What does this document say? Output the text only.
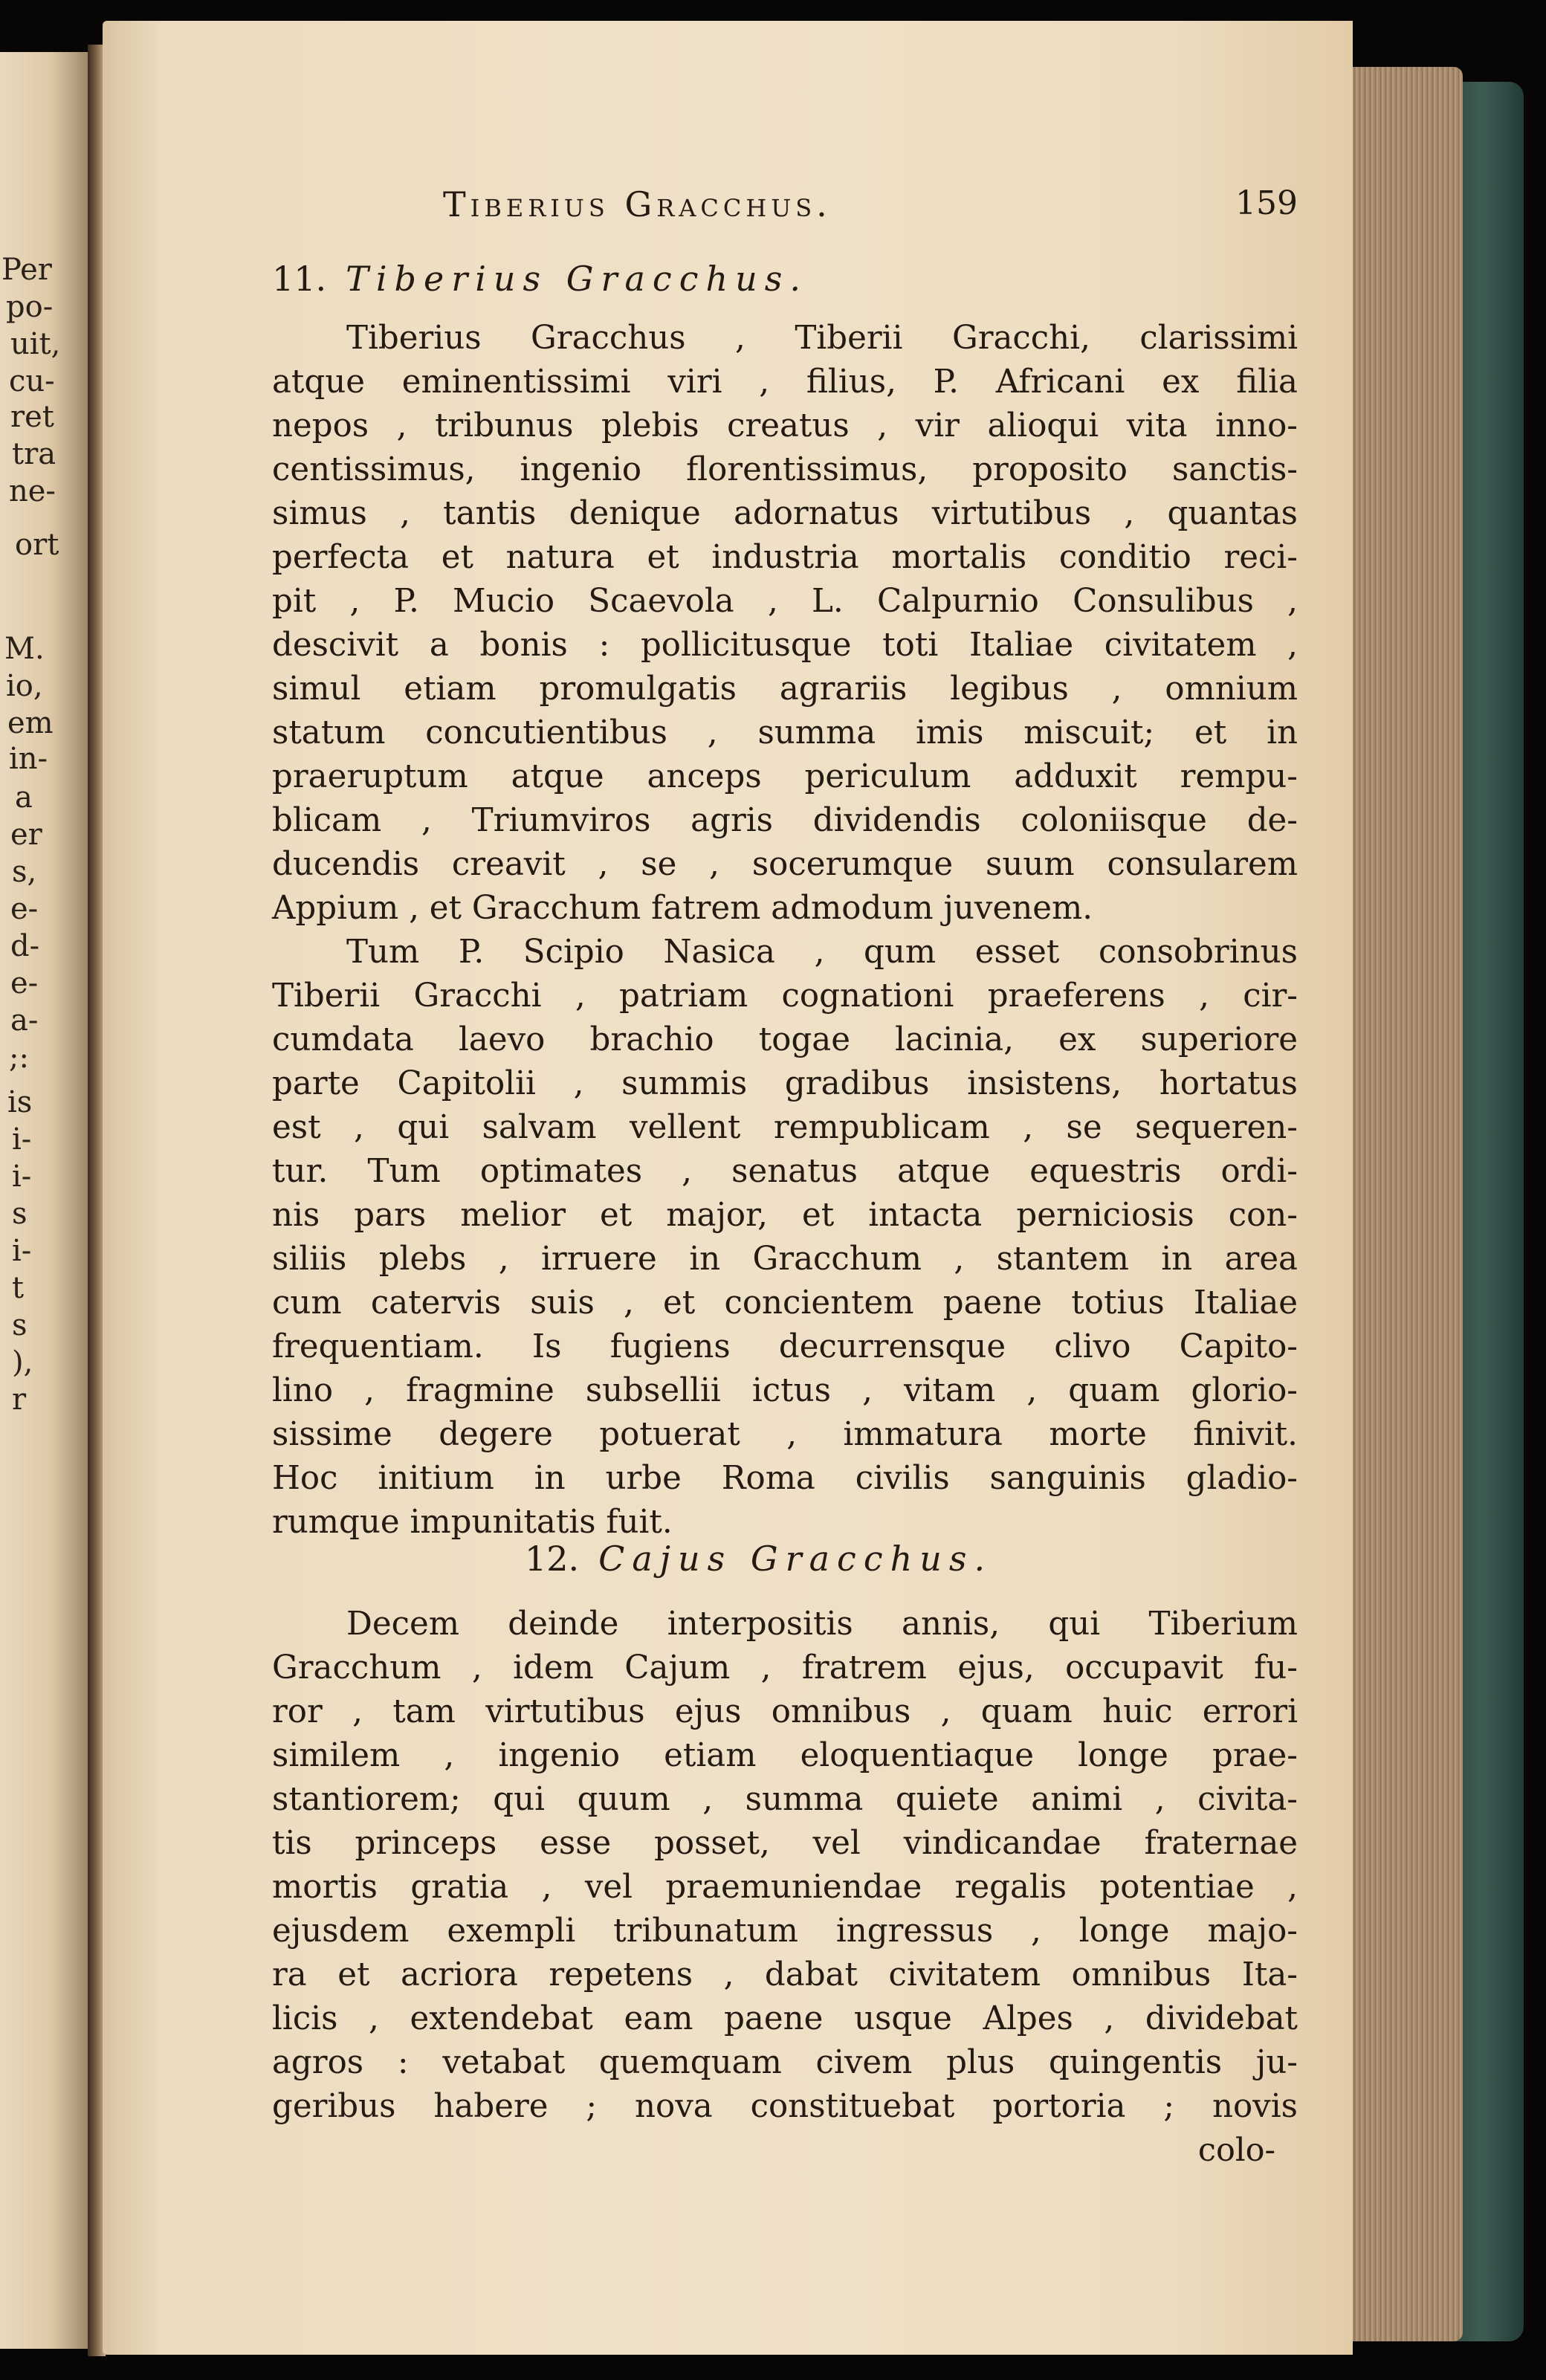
Per
po-
uit,
cu-
ret
tra
ne-
ort
M.
io,
em
in-
a
er
s,
e-
d-
e-
a-
;:
is
i-
i-
s
i-
t
s
),
r
Tiberius Gracchus.	159
11. Tiberius Gracchus.
Tiberius Gracchus , Tiberii Gracchi, clarissimi
atque eminentissimi viri , filius, P. Africani ex filia
nepos , tribunus plebis creatus , vir alioqui vita inno-
centissimus, ingenio florentissimus, proposito sanctis-
simus , tantis denique adornatus virtutibus , quantas
perfecta et natura et industria mortalis conditio reci-
pit , P. Mucio Scaevola , L. Calpurnio Consulibus ,
descivit a bonis : pollicitusque toti Italiae civitatem ,
simul etiam promulgatis agrariis legibus , omnium
statum concutientibus , summa imis miscuit; et in
praeruptum atque anceps periculum adduxit rempu-
blicam , Triumviros agris dividendis coloniisque de-
ducendis creavit , se , socerumque suum consularem
Appium , et Gracchum fatrem admodum juvenem.
Tum P. Scipio Nasica , qum esset consobrinus
Tiberii Gracchi , patriam cognationi praeferens , cir-
cumdata laevo brachio togae lacinia, ex superiore
parte Capitolii , summis gradibus insistens, hortatus
est , qui salvam vellent rempublicam , se sequeren-
tur. Tum optimates , senatus atque equestris ordi-
nis pars melior et major, et intacta perniciosis con-
siliis plebs , irruere in Gracchum , stantem in area
cum catervis suis , et concientem paene totius Italiae
frequentiam. Is fugiens decurrensque clivo Capito-
lino , fragmine subsellii ictus , vitam , quam glorio-
sissime degere potuerat , immatura morte finivit.
Hoc initium in urbe Roma civilis sanguinis gladio-
rumque impunitatis fuit.
12. Cajus Gracchus.
Decem deinde interpositis annis, qui Tiberium
Gracchum , idem Cajum , fratrem ejus, occupavit fu-
ror , tam virtutibus ejus omnibus , quam huic errori
similem , ingenio etiam eloquentiaque longe prae-
stantiorem; qui quum , summa quiete animi , civita-
tis princeps esse posset, vel vindicandae fraternae
mortis gratia , vel praemuniendae regalis potentiae ,
ejusdem exempli tribunatum ingressus , longe majo-
ra et acriora repetens , dabat civitatem omnibus Ita-
licis , extendebat eam paene usque Alpes , dividebat
agros : vetabat quemquam civem plus quingentis ju-
geribus habere ; nova constituebat portoria ; novis
colo-
